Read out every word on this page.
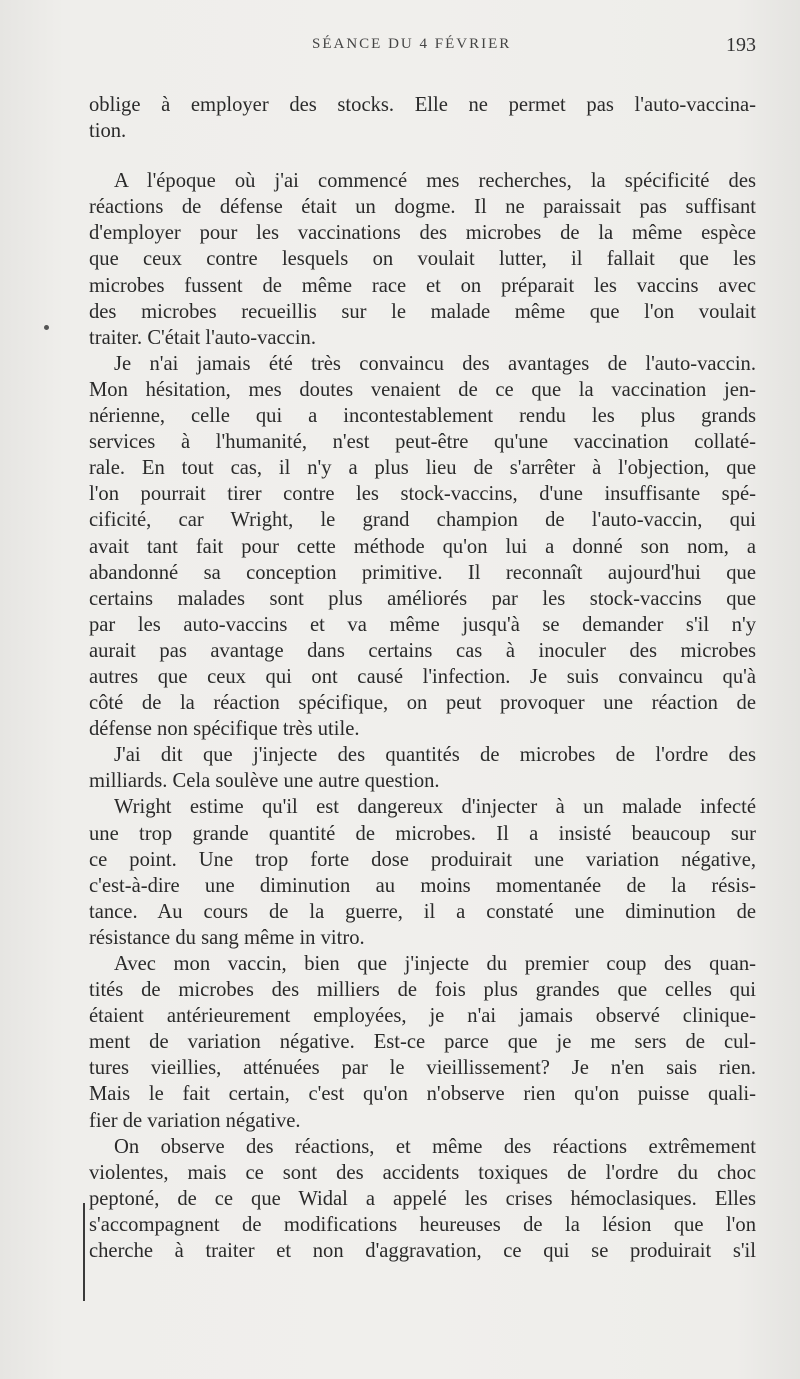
SÉANCE DU 4 FÉVRIER	193
oblige à employer des stocks. Elle ne permet pas l'auto-vaccina-
tion.
A l'époque où j'ai commencé mes recherches, la spécificité des
réactions de défense était un dogme. Il ne paraissait pas suffisant
d'employer pour les vaccinations des microbes de la même espèce
que ceux contre lesquels on voulait lutter, il fallait que les
microbes fussent de même race et on préparait les vaccins avec
des microbes recueillis sur le malade même que l'on voulait
traiter. C'était l'auto-vaccin.
Je n'ai jamais été très convaincu des avantages de l'auto-vaccin.
Mon hésitation, mes doutes venaient de ce que la vaccination jen-
nérienne, celle qui a incontestablement rendu les plus grands
services à l'humanité, n'est peut-être qu'une vaccination collaté-
rale. En tout cas, il n'y a plus lieu de s'arrêter à l'objection, que
l'on pourrait tirer contre les stock-vaccins, d'une insuffisante spé-
cificité, car Wright, le grand champion de l'auto-vaccin, qui
avait tant fait pour cette méthode qu'on lui a donné son nom, a
abandonné sa conception primitive. Il reconnaît aujourd'hui que
certains malades sont plus améliorés par les stock-vaccins que
par les auto-vaccins et va même jusqu'à se demander s'il n'y
aurait pas avantage dans certains cas à inoculer des microbes
autres que ceux qui ont causé l'infection. Je suis convaincu qu'à
côté de la réaction spécifique, on peut provoquer une réaction de
défense non spécifique très utile.
J'ai dit que j'injecte des quantités de microbes de l'ordre des
milliards. Cela soulève une autre question.
Wright estime qu'il est dangereux d'injecter à un malade infecté
une trop grande quantité de microbes. Il a insisté beaucoup sur
ce point. Une trop forte dose produirait une variation négative,
c'est-à-dire une diminution au moins momentanée de la résis-
tance. Au cours de la guerre, il a constaté une diminution de
résistance du sang même in vitro.
Avec mon vaccin, bien que j'injecte du premier coup des quan-
tités de microbes des milliers de fois plus grandes que celles qui
étaient antérieurement employées, je n'ai jamais observé clinique-
ment de variation négative. Est-ce parce que je me sers de cul-
tures vieillies, atténuées par le vieillissement? Je n'en sais rien.
Mais le fait certain, c'est qu'on n'observe rien qu'on puisse quali-
fier de variation négative.
On observe des réactions, et même des réactions extrêmement
violentes, mais ce sont des accidents toxiques de l'ordre du choc
peptoné, de ce que Widal a appelé les crises hémoclasiques. Elles
s'accompagnent de modifications heureuses de la lésion que l'on
cherche à traiter et non d'aggravation, ce qui se produirait s'il
